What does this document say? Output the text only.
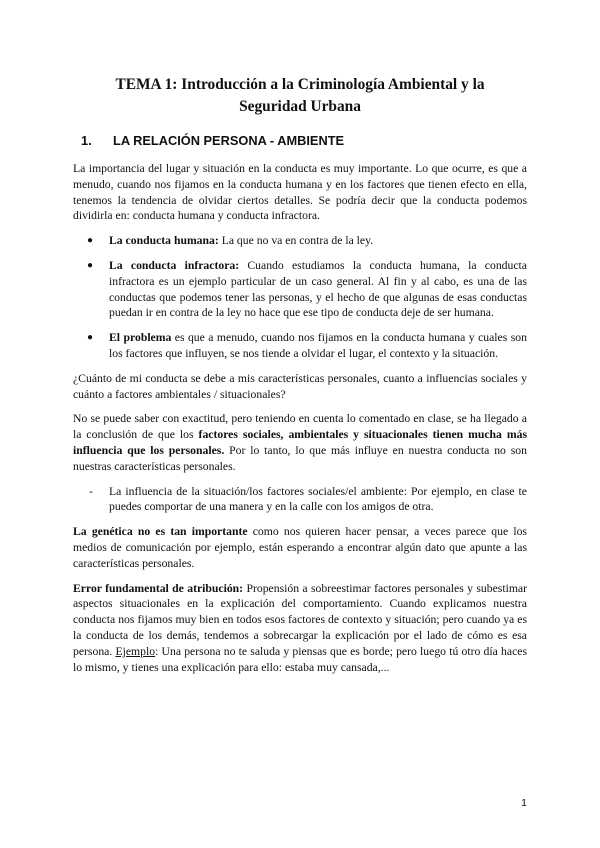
TEMA 1: Introducción a la Criminología Ambiental y la
Seguridad Urbana
1.	LA RELACIÓN PERSONA - AMBIENTE

La importancia del lugar y situación en la conducta es muy importante. Lo que ocurre, es que a menudo, cuando nos fijamos en la conducta humana y en los factores que tienen efecto en ella, tenemos la tendencia de olvidar ciertos detalles. Se podría decir que la conducta podemos dividirla en: conducta humana y conducta infractora.

● La conducta humana: La que no va en contra de la ley.
● La conducta infractora: Cuando estudiamos la conducta humana, la conducta infractora es un ejemplo particular de un caso general. Al fin y al cabo, es una de las conductas que podemos tener las personas, y el hecho de que algunas de esas conductas puedan ir en contra de la ley no hace que ese tipo de conducta deje de ser humana.
● El problema es que a menudo, cuando nos fijamos en la conducta humana y cuales son los factores que influyen, se nos tiende a olvidar el lugar, el contexto y la situación.

¿Cuánto de mi conducta se debe a mis características personales, cuanto a influencias sociales y cuánto a factores ambientales / situacionales?

No se puede saber con exactitud, pero teniendo en cuenta lo comentado en clase, se ha llegado a la conclusión de que los factores sociales, ambientales y situacionales tienen mucha más influencia que los personales. Por lo tanto, lo que más influye en nuestra conducta no son nuestras características personales.

- La influencia de la situación/los factores sociales/el ambiente: Por ejemplo, en clase te puedes comportar de una manera y en la calle con los amigos de otra.

La genética no es tan importante como nos quieren hacer pensar, a veces parece que los medios de comunicación por ejemplo, están esperando a encontrar algún dato que apunte a las características personales.

Error fundamental de atribución: Propensión a sobreestimar factores personales y subestimar aspectos situacionales en la explicación del comportamiento. Cuando explicamos nuestra conducta nos fijamos muy bien en todos esos factores de contexto y situación; pero cuando ya es la conducta de los demás, tendemos a sobrecargar la explicación por el lado de cómo es esa persona. Ejemplo: Una persona no te saluda y piensas que es borde; pero luego tú otro día haces lo mismo, y tienes una explicación para ello: estaba muy cansada,...

1
